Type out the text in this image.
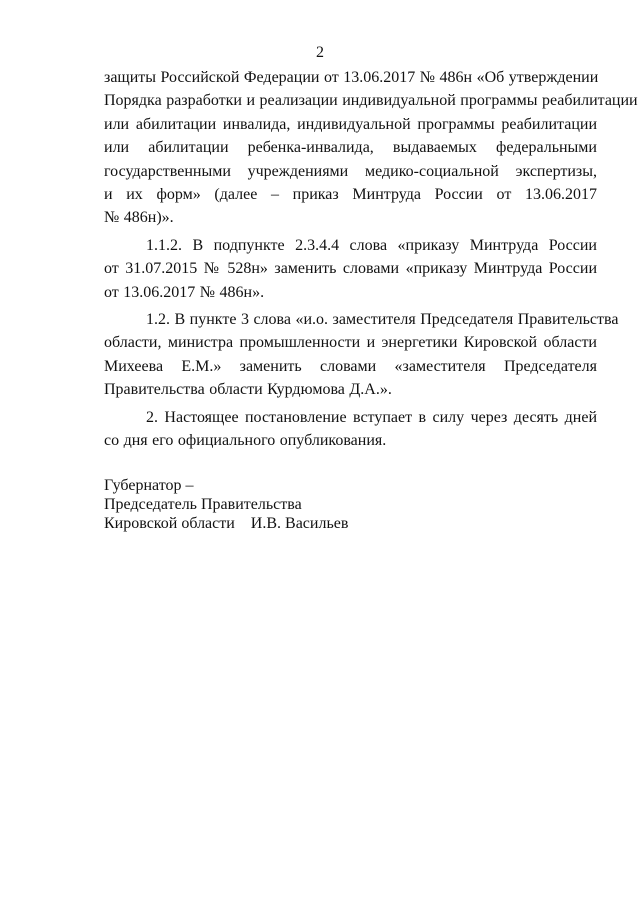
2

защиты Российской Федерации от 13.06.2017 № 486н «Об утверждении
Порядка разработки и реализации индивидуальной программы реабилитации
или абилитации инвалида, индивидуальной программы реабилитации
или абилитации ребенка-инвалида, выдаваемых федеральными
государственными учреждениями медико-социальной экспертизы,
и их форм» (далее – приказ Минтруда России от 13.06.2017
№ 486н)».

1.1.2. В подпункте 2.3.4.4 слова «приказу Минтруда России
от 31.07.2015 № 528н» заменить словами «приказу Минтруда России
от 13.06.2017 № 486н».

1.2. В пункте 3 слова «и.о. заместителя Председателя Правительства
области, министра промышленности и энергетики Кировской области
Михеева Е.М.» заменить словами «заместителя Председателя
Правительства области Курдюмова Д.А.».

2. Настоящее постановление вступает в силу через десять дней
со дня его официального опубликования.

Губернатор –
Председатель Правительства
Кировской области    И.В. Васильев
